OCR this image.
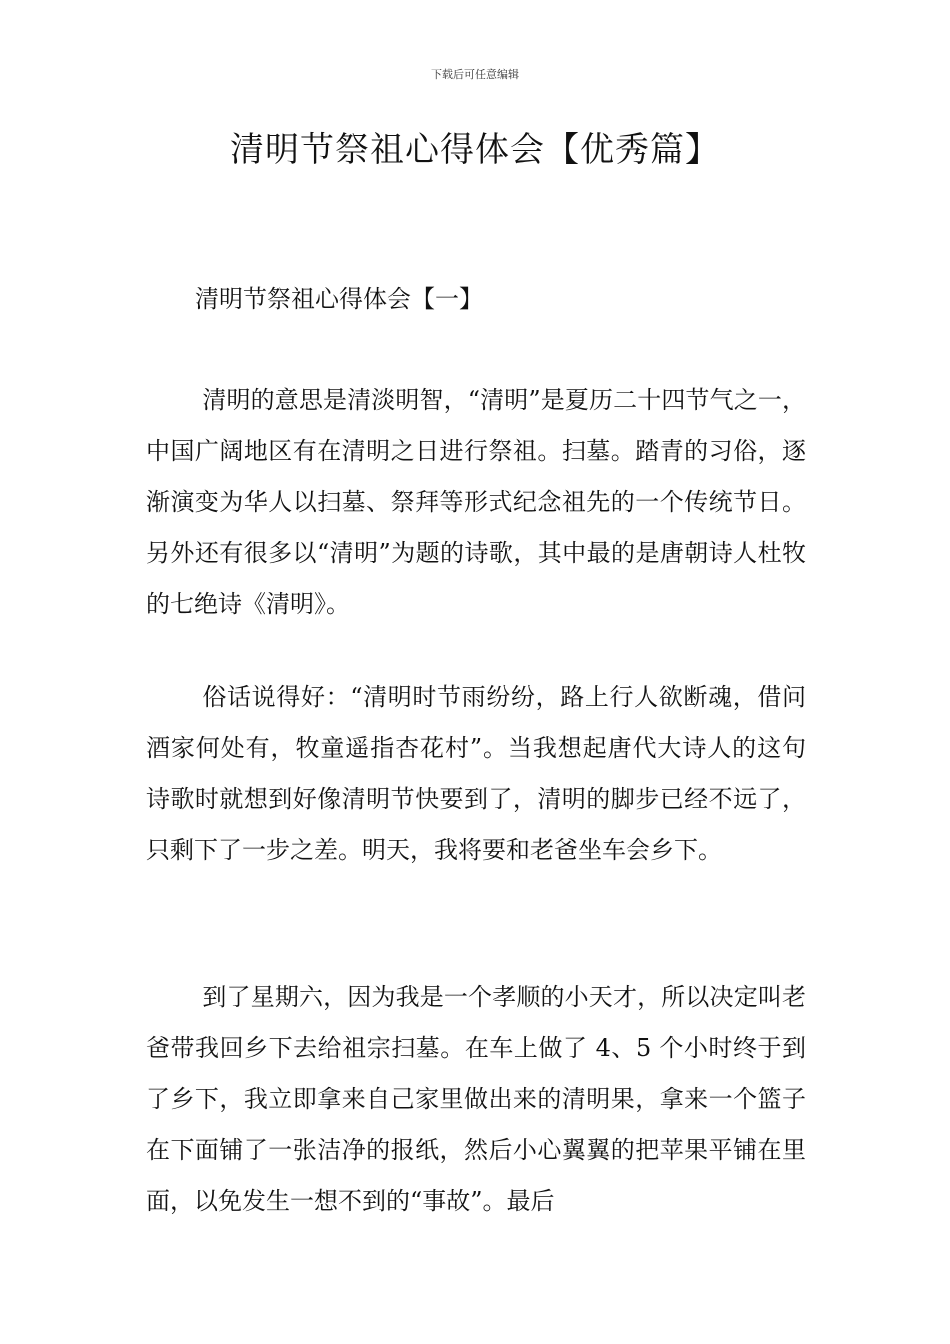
下载后可任意编辑
清明节祭祖心得体会【优秀篇】
清明节祭祖心得体会【一】

清明的意思是清淡明智，“清明”是夏历二十四节气之一，中国广阔地区有在清明之日进行祭祖。扫墓。踏青的习俗，逐渐演变为华人以扫墓、祭拜等形式纪念祖先的一个传统节日。另外还有很多以“清明”为题的诗歌，其中最的是唐朝诗人杜牧的七绝诗《清明》。

俗话说得好：“清明时节雨纷纷，路上行人欲断魂，借问酒家何处有，牧童遥指杏花村”。当我想起唐代大诗人的这句诗歌时就想到好像清明节快要到了，清明的脚步已经不远了，只剩下了一步之差。明天，我将要和老爸坐车会乡下。

到了星期六，因为我是一个孝顺的小天才，所以决定叫老爸带我回乡下去给祖宗扫墓。在车上做了 4、5 个小时终于到了乡下，我立即拿来自己家里做出来的清明果，拿来一个篮子在下面铺了一张洁净的报纸，然后小心翼翼的把苹果平铺在里面，以免发生一想不到的“事故”。最后
